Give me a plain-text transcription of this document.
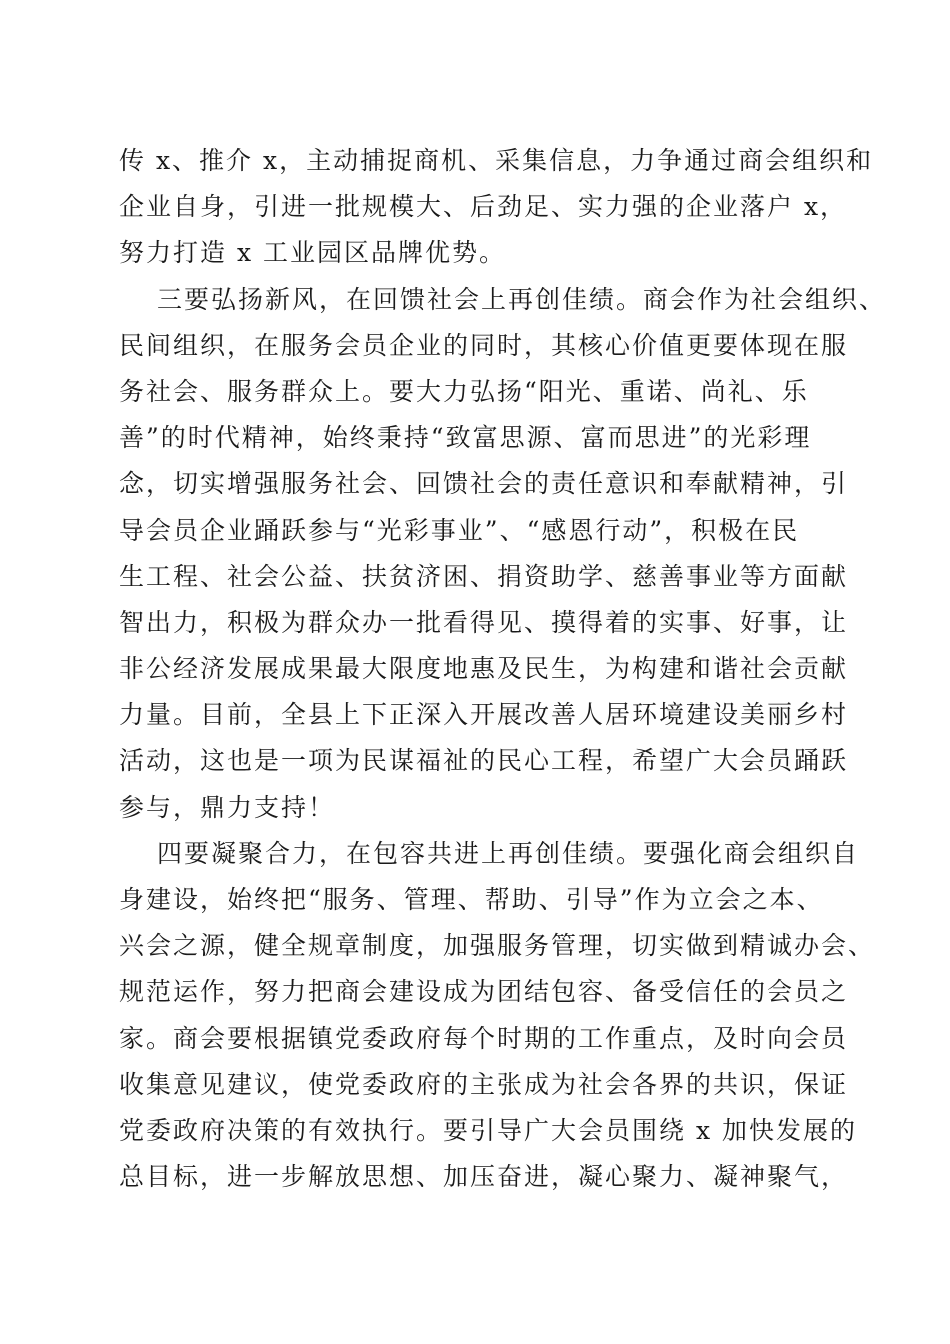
传 x、推介 x，主动捕捉商机、采集信息，力争通过商会组织和

企业自身，引进一批规模大、后劲足、实力强的企业落户 x，

努力打造 x 工业园区品牌优势。

三要弘扬新风，在回馈社会上再创佳绩。商会作为社会组织、

民间组织，在服务会员企业的同时，其核心价值更要体现在服

务社会、服务群众上。要大力弘扬“阳光、重诺、尚礼、乐

善”的时代精神，始终秉持“致富思源、富而思进”的光彩理

念，切实增强服务社会、回馈社会的责任意识和奉献精神，引

导会员企业踊跃参与“光彩事业”、“感恩行动”，积极在民

生工程、社会公益、扶贫济困、捐资助学、慈善事业等方面献

智出力，积极为群众办一批看得见、摸得着的实事、好事，让

非公经济发展成果最大限度地惠及民生，为构建和谐社会贡献

力量。目前，全县上下正深入开展改善人居环境建设美丽乡村

活动，这也是一项为民谋福祉的民心工程，希望广大会员踊跃

参与，鼎力支持！

四要凝聚合力，在包容共进上再创佳绩。要强化商会组织自

身建设，始终把“服务、管理、帮助、引导”作为立会之本、

兴会之源，健全规章制度，加强服务管理，切实做到精诚办会、

规范运作，努力把商会建设成为团结包容、备受信任的会员之

家。商会要根据镇党委政府每个时期的工作重点，及时向会员

收集意见建议，使党委政府的主张成为社会各界的共识，保证

党委政府决策的有效执行。要引导广大会员围绕 x 加快发展的

总目标，进一步解放思想、加压奋进，凝心聚力、凝神聚气，
